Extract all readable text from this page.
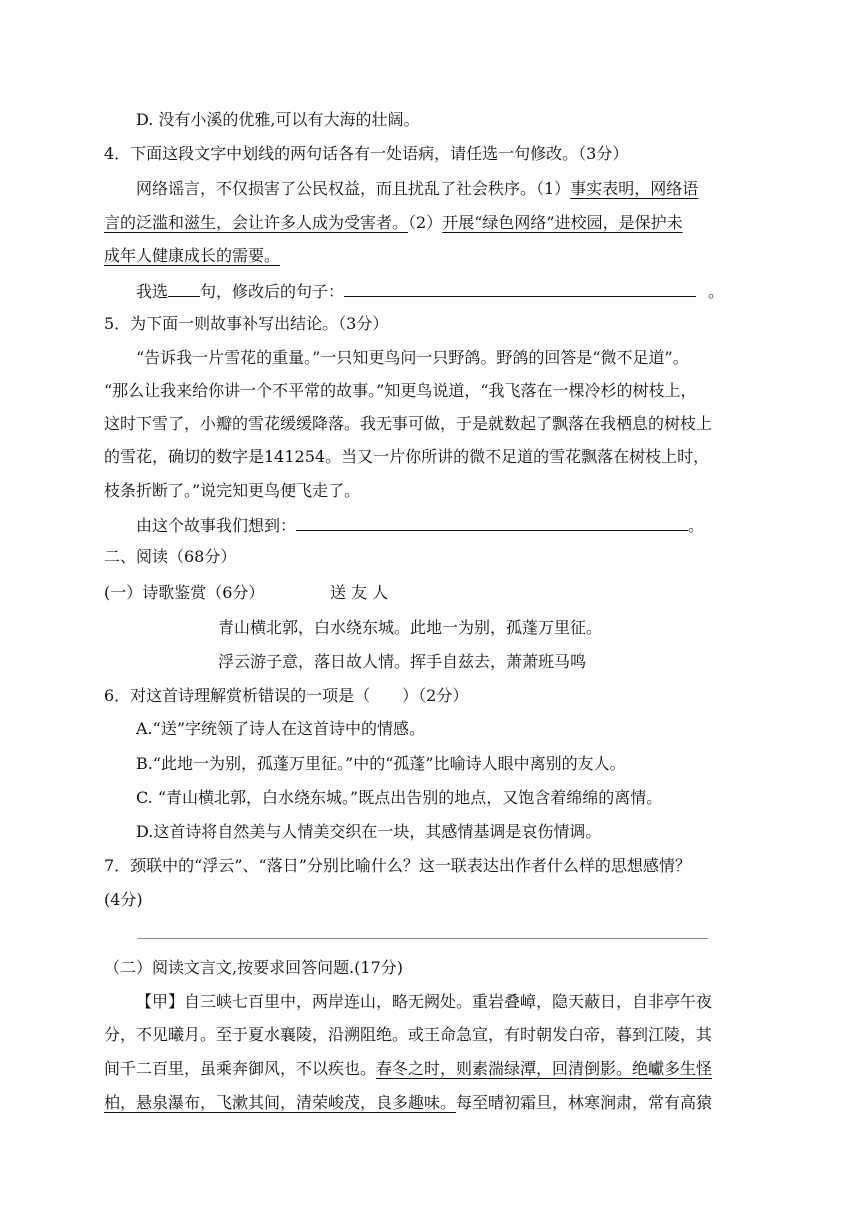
D. 没有小溪的优雅,可以有大海的壮阔。
4．下面这段文字中划线的两句话各有一处语病，请任选一句修改。（3分）
网络谣言，不仅损害了公民权益，而且扰乱了社会秩序。（1）事实表明，网络语
言的泛滥和滋生，会让许多人成为受害者。（2）开展“绿色网络”进校园，是保护未
成年人健康成长的需要。
我选 句，修改后的句子：	。
5．为下面一则故事补写出结论。（3分）
“告诉我一片雪花的重量。”一只知更鸟问一只野鸽。野鸽的回答是“微不足道”。
“那么让我来给你讲一个不平常的故事。”知更鸟说道，“我飞落在一棵冷杉的树枝上，
这时下雪了，小瓣的雪花缓缓降落。我无事可做，于是就数起了飘落在我栖息的树枝上
的雪花，确切的数字是141254。当又一片你所讲的微不足道的雪花飘落在树枝上时，
枝条折断了。”说完知更鸟便飞走了。
由这个故事我们想到：	。
二、阅读（68分）
(一）诗歌鉴赏（6分）	送 友 人
青山横北郭，白水绕东城。此地一为别，孤蓬万里征。
浮云游子意，落日故人情。挥手自兹去，萧萧班马鸣
6．对这首诗理解赏析错误的一项是（　　）（2分）
A.“送”字统领了诗人在这首诗中的情感。
B.“此地一为别，孤蓬万里征。”中的“孤蓬”比喻诗人眼中离别的友人。
C. “青山横北郭，白水绕东城。”既点出告别的地点，又饱含着绵绵的离情。
D.这首诗将自然美与人情美交织在一块，其感情基调是哀伤情调。
7．颈联中的“浮云”、“落日”分别比喻什么？这一联表达出作者什么样的思想感情？
(4分)
（二）阅读文言文,按要求回答问题.(17分)
【甲】自三峡七百里中，两岸连山，略无阙处。重岩叠嶂，隐天蔽日，自非亭午夜
分，不见曦月。至于夏水襄陵，沿溯阻绝。或王命急宣，有时朝发白帝，暮到江陵，其
间千二百里，虽乘奔御风，不以疾也。春冬之时，则素湍绿潭，回清倒影。绝巘多生怪
柏，悬泉瀑布，飞漱其间，清荣峻茂，良多趣味。每至晴初霜旦，林寒涧肃，常有高猿
